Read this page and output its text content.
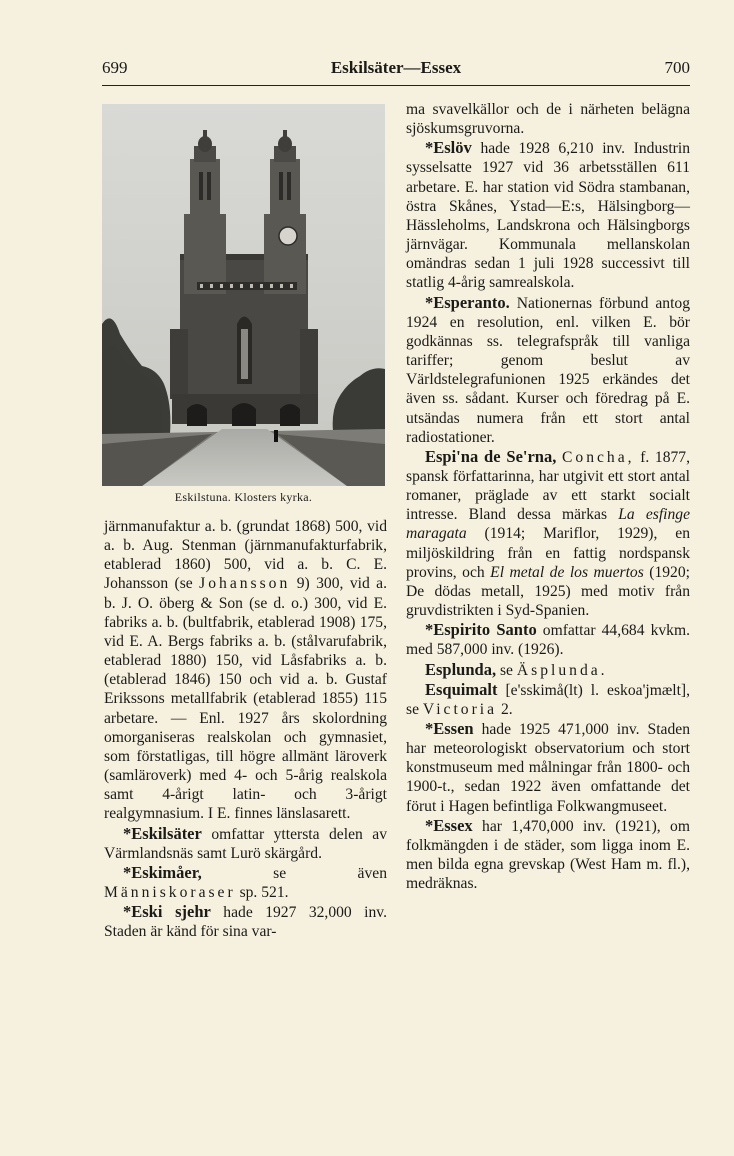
699	Eskilsäter—Essex	700
Eskilstuna. Klosters kyrka.

järnmanufaktur a. b. (grundat 1868) 500, vid a. b. Aug. Stenman (järnmanufakturfabrik, etablerad 1860) 500, vid a. b. C. E. Johansson (se Johansson 9) 300, vid a. b. J. O. öberg & Son (se d. o.) 300, vid E. fabriks a. b. (bultfabrik, etablerad 1908) 175, vid E. A. Bergs fabriks a. b. (stålvarufabrik, etablerad 1880) 150, vid Låsfabriks a. b. (etablerad 1846) 150 och vid a. b. Gustaf Erikssons metallfabrik (etablerad 1855) 115 arbetare. — Enl. 1927 års skolordning omorganiseras realskolan och gymnasiet, som förstatligas, till högre allmänt läroverk (samläroverk) med 4- och 5-årig realskola samt 4-årigt latin- och 3-årigt realgymnasium. I E. finnes länslasarett.

*Eskilsäter omfattar yttersta delen av Värmlandsnäs samt Lurö skärgård.

*Eskimåer, se även Människoraser sp. 521.

*Eski sjehr hade 1927 32,000 inv. Staden är känd för sina var-

ma svavelkällor och de i närheten belägna sjöskumsgruvorna.

*Eslöv hade 1928 6,210 inv. Industrin sysselsatte 1927 vid 36 arbetsställen 611 arbetare. E. har station vid Södra stambanan, östra Skånes, Ystad—E:s, Hälsingborg—Hässleholms, Landskrona och Hälsingborgs järnvägar. Kommunala mellanskolan omändras sedan 1 juli 1928 successivt till statlig 4-årig samrealskola.

*Esperanto. Nationernas förbund antog 1924 en resolution, enl. vilken E. bör godkännas ss. telegrafspråk till vanliga tariffer; genom beslut av Världstelegrafunionen 1925 erkändes det även ss. sådant. Kurser och föredrag på E. utsändas numera från ett stort antal radiostationer.

Espi'na de Se'rna, Concha, f. 1877, spansk författarinna, har utgivit ett stort antal romaner, präglade av ett starkt socialt intresse. Bland dessa märkas La esfinge maragata (1914; Mariflor, 1929), en miljöskildring från en fattig nordspansk provins, och El metal de los muertos (1920; De dödas metall, 1925) med motiv från gruvdistrikten i Syd-Spanien.

*Espirito Santo omfattar 44,684 kvkm. med 587,000 inv. (1926).

Esplunda, se Äsplunda.

Esquimalt [e'sskimå(lt) l. eskoa'jmælt], se Victoria 2.

*Essen hade 1925 471,000 inv. Staden har meteorologiskt observatorium och stort konstmuseum med målningar från 1800- och 1900-t., sedan 1922 även omfattande det förut i Hagen befintliga Folkwangmuseet.

*Essex har 1,470,000 inv. (1921), om folkmängden i de städer, som ligga inom E. men bilda egna grevskap (West Ham m. fl.), medräknas.
